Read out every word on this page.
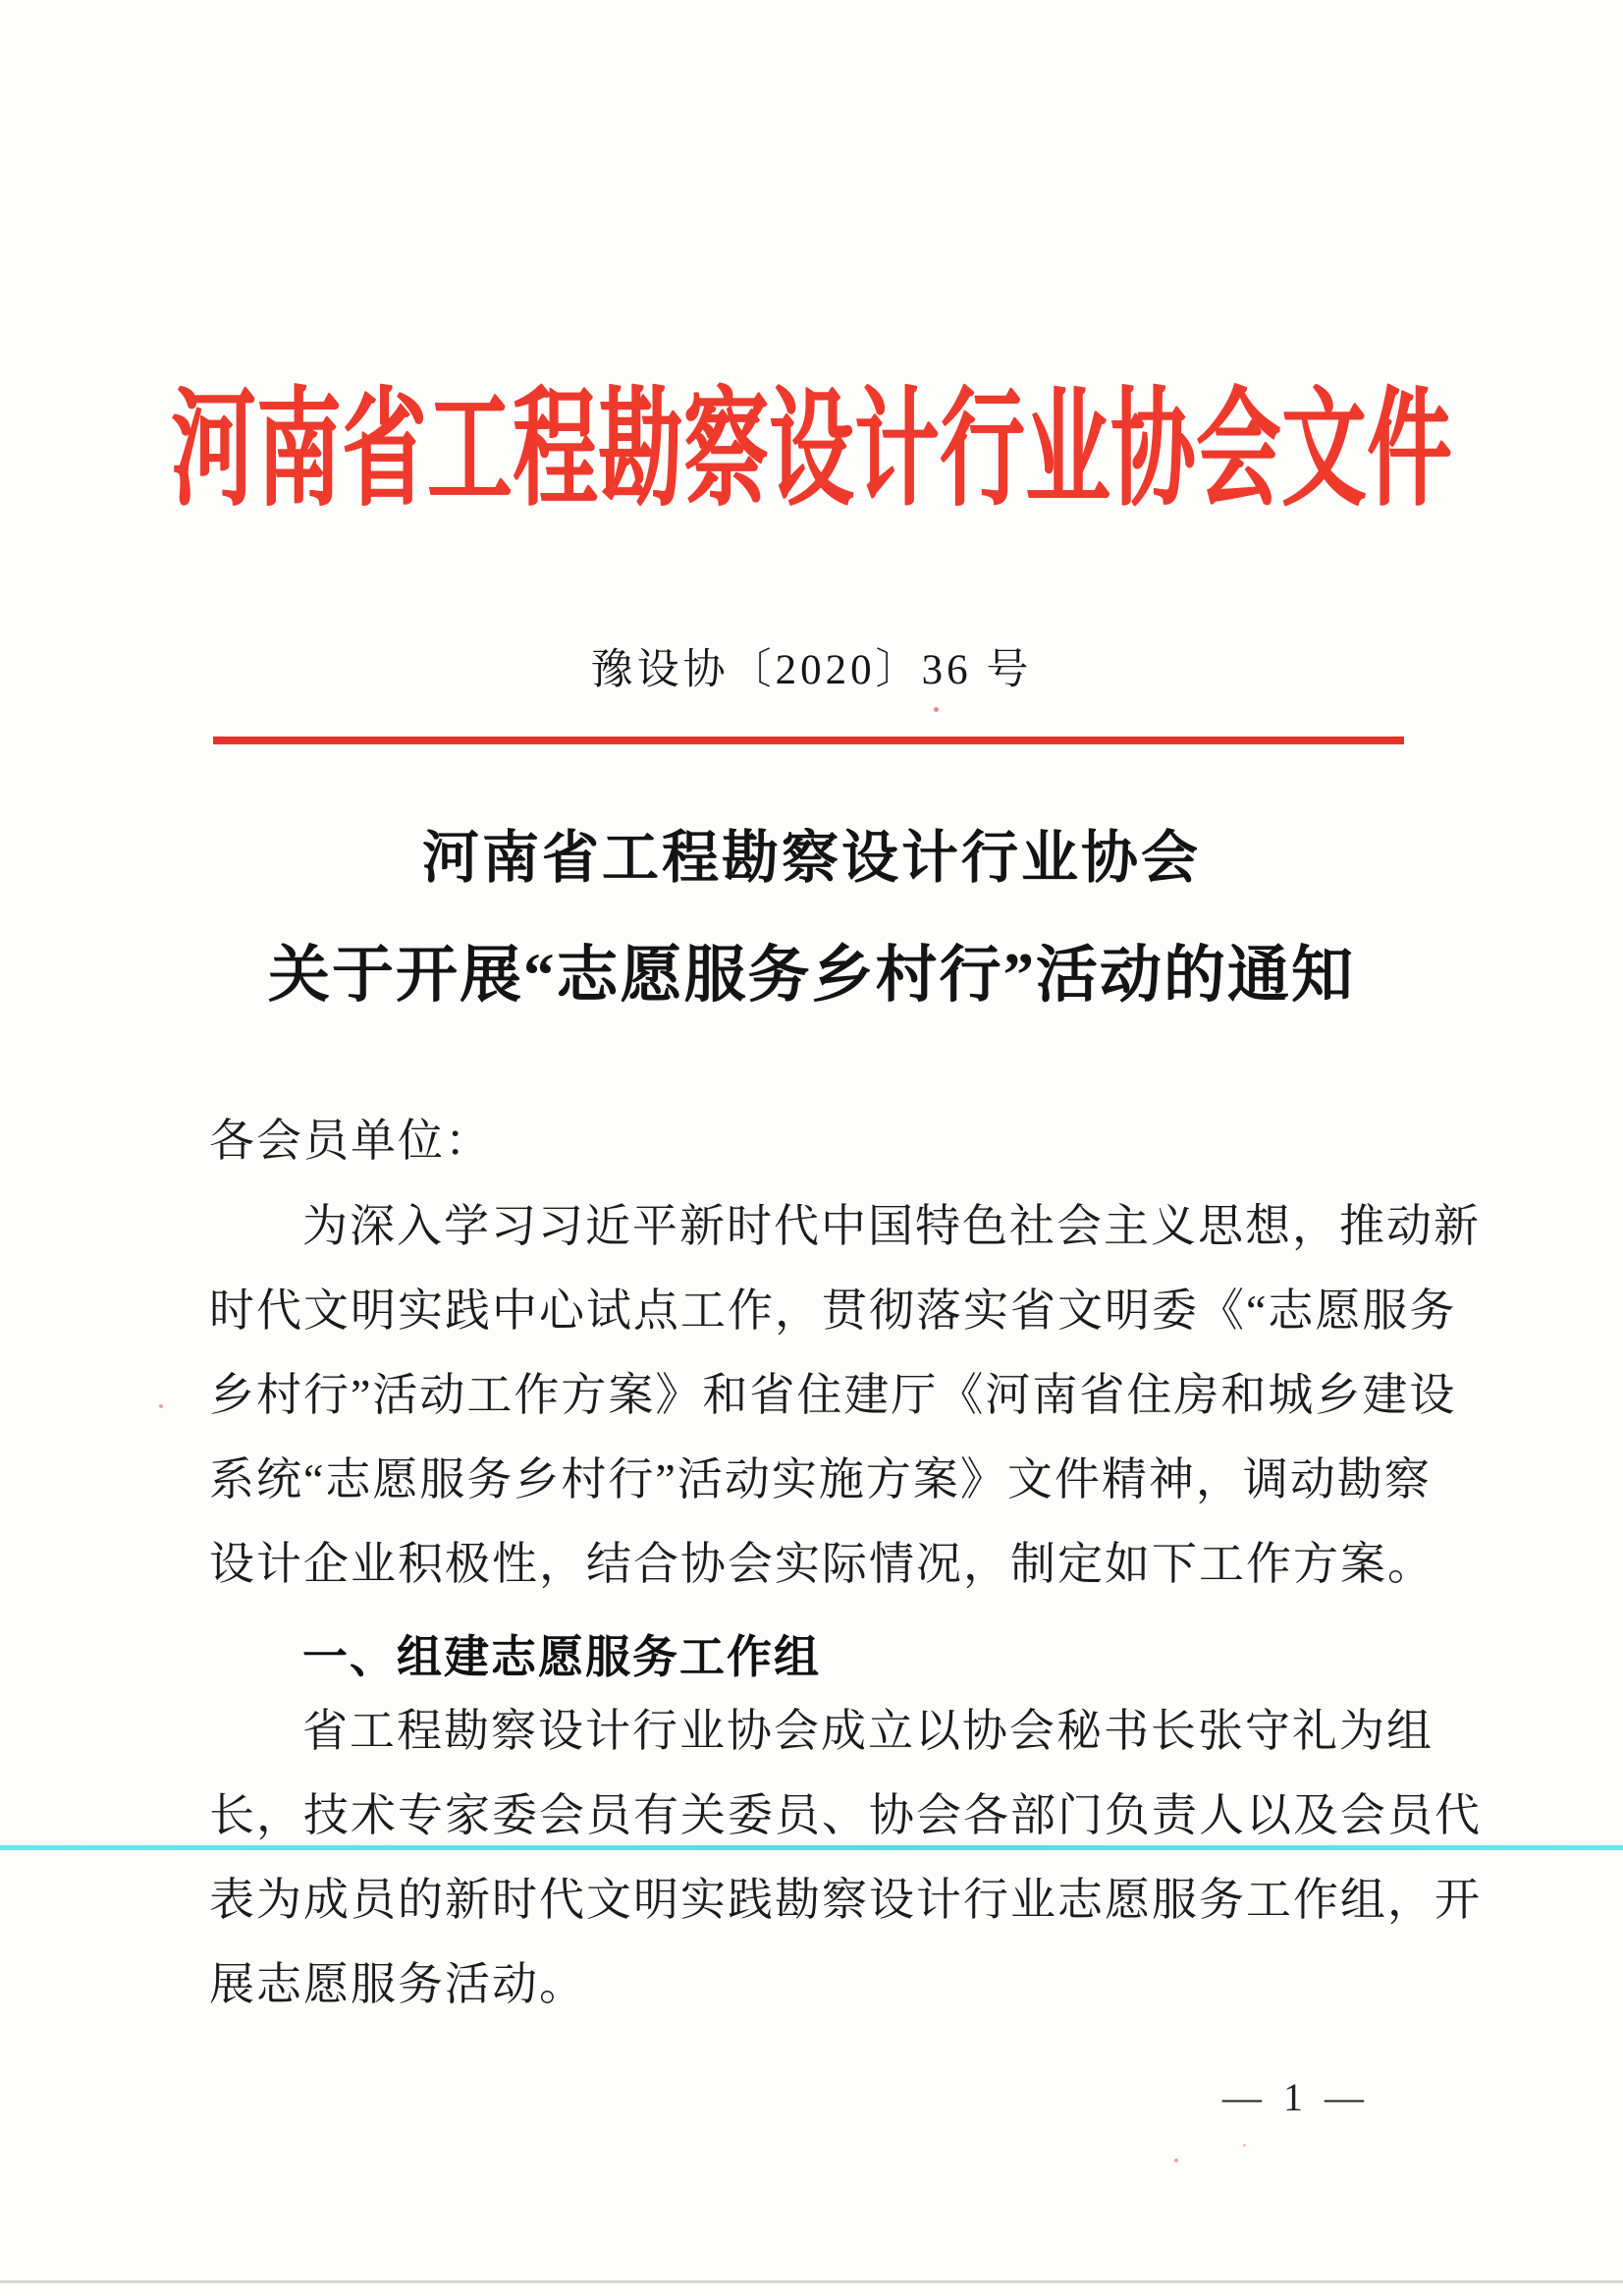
河南省工程勘察设计行业协会文件
豫设协〔2020〕36 号
河南省工程勘察设计行业协会
关于开展“志愿服务乡村行”活动的通知
各会员单位：
为深入学习习近平新时代中国特色社会主义思想，推动新
时代文明实践中心试点工作，贯彻落实省文明委《“志愿服务
乡村行”活动工作方案》和省住建厅《河南省住房和城乡建设
系统“志愿服务乡村行”活动实施方案》文件精神，调动勘察
设计企业积极性，结合协会实际情况，制定如下工作方案。
一、组建志愿服务工作组
省工程勘察设计行业协会成立以协会秘书长张守礼为组
长，技术专家委会员有关委员、协会各部门负责人以及会员代
表为成员的新时代文明实践勘察设计行业志愿服务工作组，开
展志愿服务活动。
— 1 —
